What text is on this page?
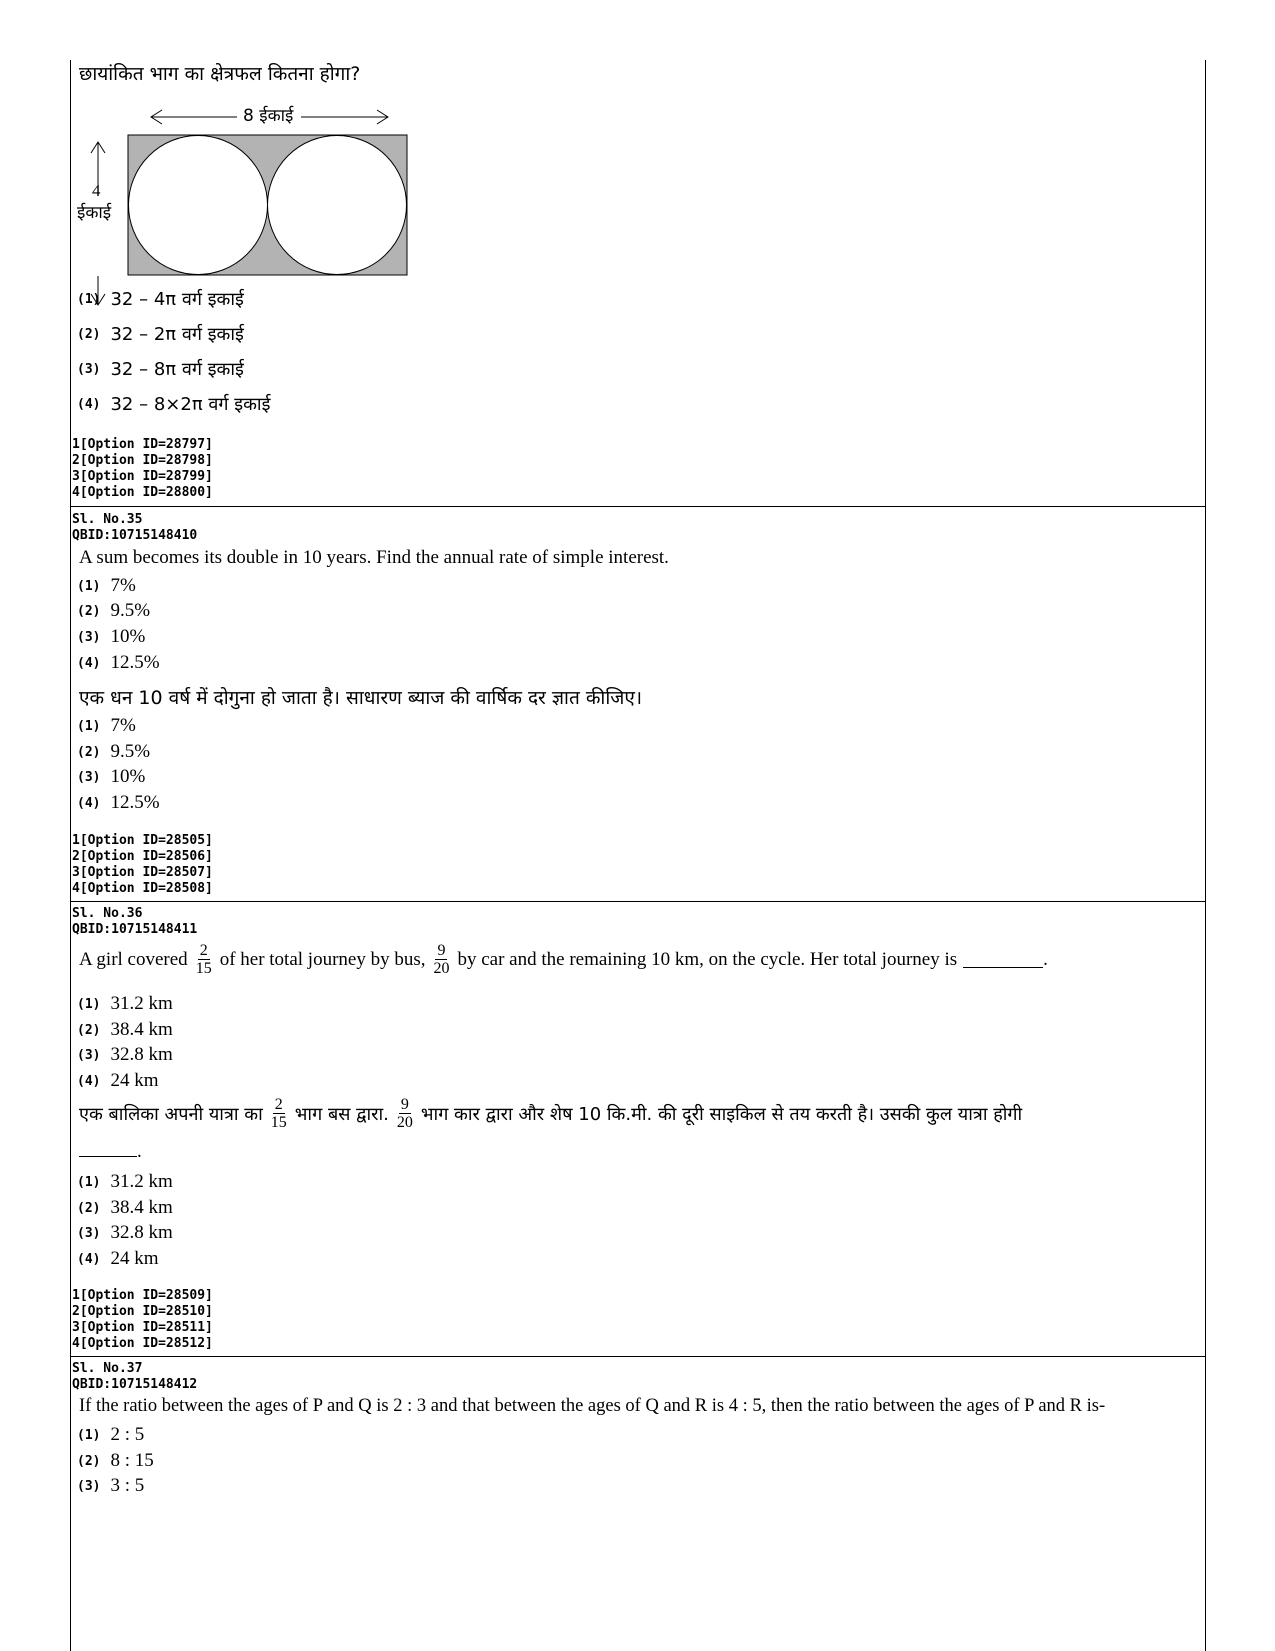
छायांकित भाग का क्षेत्रफल कितना होगा?
8 ईकाई
4
ईकाई
(1) 32 – 4π वर्ग इकाई
(2) 32 – 2π वर्ग इकाई
(3) 32 – 8π वर्ग इकाई
(4) 32 – 8×2π वर्ग इकाई
1[Option ID=28797]
2[Option ID=28798]
3[Option ID=28799]
4[Option ID=28800]
Sl. No.35
QBID:10715148410
A sum becomes its double in 10 years. Find the annual rate of simple interest.
(1) 7%
(2) 9.5%
(3) 10%
(4) 12.5%
एक धन 10 वर्ष में दोगुना हो जाता है। साधारण ब्याज की वार्षिक दर ज्ञात कीजिए।
(1) 7%
(2) 9.5%
(3) 10%
(4) 12.5%
1[Option ID=28505]
2[Option ID=28506]
3[Option ID=28507]
4[Option ID=28508]
Sl. No.36
QBID:10715148411
A girl covered $\frac{2}{15}$ of her total journey by bus, $\frac{9}{20}$ by car and the remaining 10 km, on the cycle. Her total journey is	.
(1) 31.2 km
(2) 38.4 km
(3) 32.8 km
(4) 24 km
एक बालिका अपनी यात्रा का $\frac{2}{15}$ भाग बस द्वारा. $\frac{9}{20}$ भाग कार द्वारा और शेष 10 कि.मी. की दूरी साइकिल से तय करती है। उसकी कुल यात्रा होगी
.
(1) 31.2 km
(2) 38.4 km
(3) 32.8 km
(4) 24 km
1[Option ID=28509]
2[Option ID=28510]
3[Option ID=28511]
4[Option ID=28512]
Sl. No.37
QBID:10715148412
If the ratio between the ages of P and Q is 2 : 3 and that between the ages of Q and R is 4 : 5, then the ratio between the ages of P and R is-
(1) 2 : 5
(2) 8 : 15
(3) 3 : 5
